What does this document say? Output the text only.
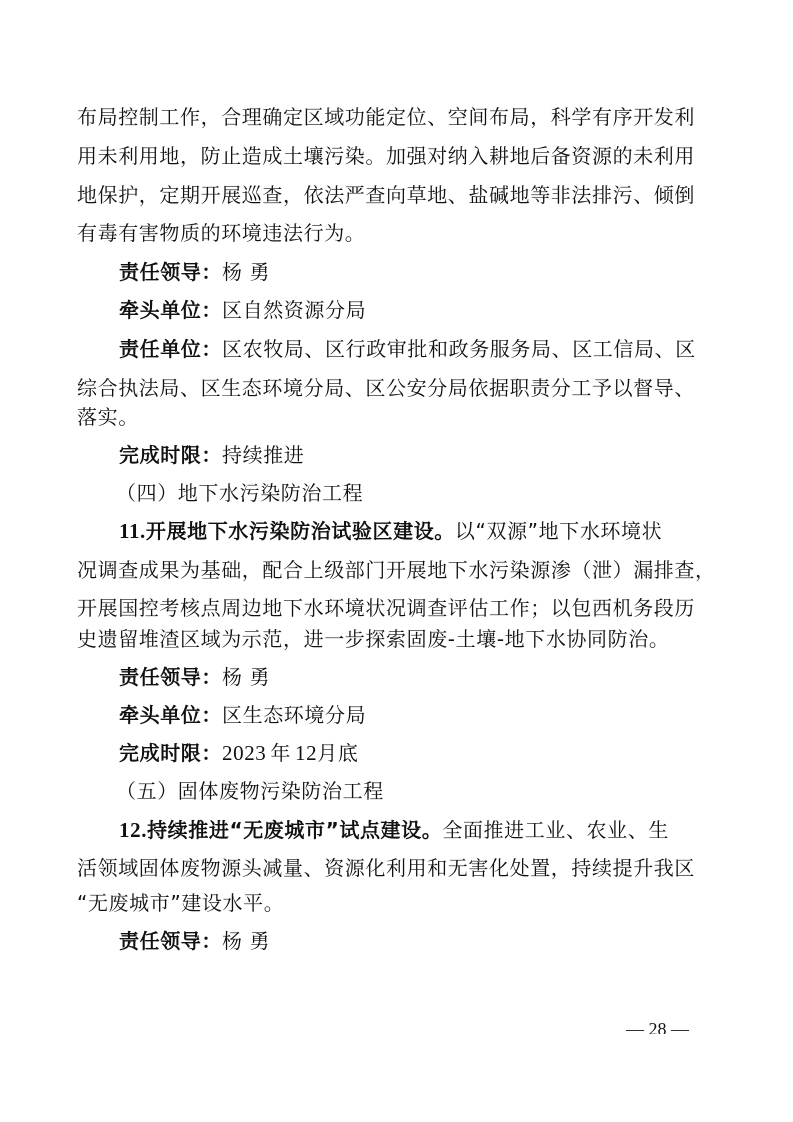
布局控制工作，合理确定区域功能定位、空间布局，科学有序开发利
用未利用地，防止造成土壤污染。加强对纳入耕地后备资源的未利用
地保护，定期开展巡查，依法严查向草地、盐碱地等非法排污、倾倒
有毒有害物质的环境违法行为。
责任领导：杨 勇
牵头单位：区自然资源分局
责任单位：区农牧局、区行政审批和政务服务局、区工信局、区
综合执法局、区生态环境分局、区公安分局依据职责分工予以督导、
落实。
完成时限：持续推进
（四）地下水污染防治工程
11.开展地下水污染防治试验区建设。以“双源”地下水环境状
况调查成果为基础，配合上级部门开展地下水污染源渗（泄）漏排查，
开展国控考核点周边地下水环境状况调查评估工作；以包西机务段历
史遗留堆渣区域为示范，进一步探索固废-土壤-地下水协同防治。
责任领导：杨 勇
牵头单位：区生态环境分局
完成时限：2023 年 12月底
（五）固体废物污染防治工程
12.持续推进“无废城市”试点建设。全面推进工业、农业、生
活领域固体废物源头减量、资源化利用和无害化处置，持续提升我区
“无废城市”建设水平。
责任领导：杨 勇
— 28 —
